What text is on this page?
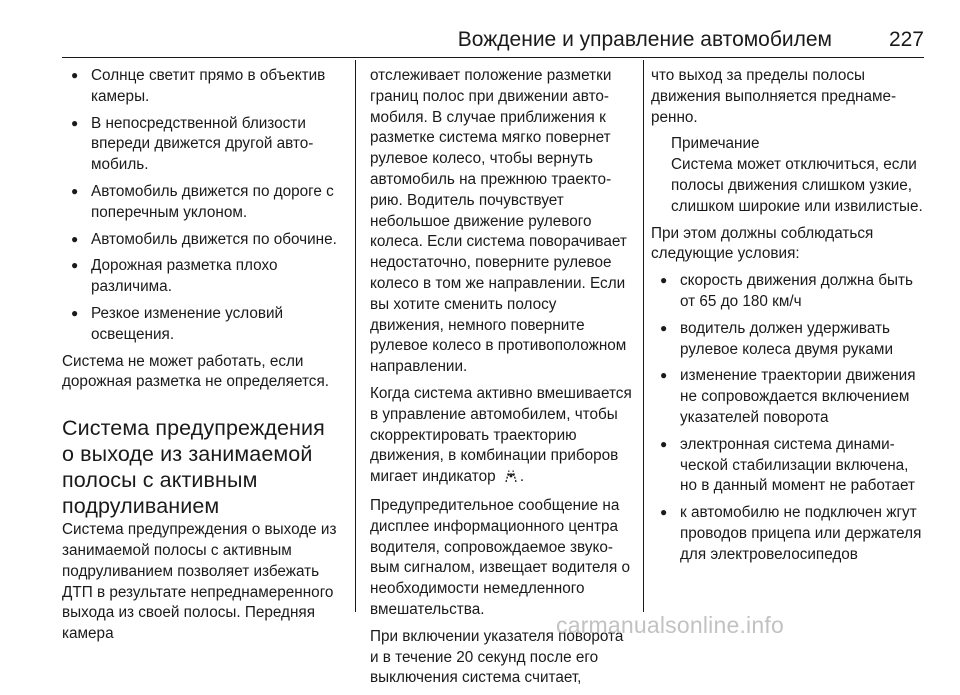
Вождение и управление автомобилем	227
● Солнце светит прямо в объектив камеры.
● В непосредственной близости впереди движется другой автомобиль.
● Автомобиль движется по дороге с поперечным уклоном.
● Автомобиль движется по обочине.
● Дорожная разметка плохо различима.
● Резкое изменение условий освещения.

Система не может работать, если дорожная разметка не определяется.

Система предупреждения о выходе из занимаемой полосы с активным подруливанием

Система предупреждения о выходе из занимаемой полосы с активным подруливанием позволяет избежать ДТП в результате непреднамеренного выхода из своей полосы. Передняя камера

отслеживает положение разметки границ полос при движении автомобиля. В случае приближения к разметке система мягко повернет рулевое колесо, чтобы вернуть автомобиль на прежнюю траекторию. Водитель почувствует небольшое движение рулевого колеса. Если система поворачивает недостаточно, поверните рулевое колесо в том же направлении. Если вы хотите сменить полосу движения, немного поверните рулевое колесо в противоположном направлении.

Когда система активно вмешивается в управление автомобилем, чтобы скорректировать траекторию движения, в комбинации приборов мигает индикатор .

Предупредительное сообщение на дисплее информационного центра водителя, сопровождаемое звуковым сигналом, извещает водителя о необходимости немедленного вмешательства.

При включении указателя поворота и в течение 20 секунд после его выключения система считает,

что выход за пределы полосы движения выполняется преднамеренно.

Примечание
Система может отключиться, если полосы движения слишком узкие, слишком широкие или извилистые.

При этом должны соблюдаться следующие условия:

● скорость движения должна быть от 65 до 180 км/ч
● водитель должен удерживать рулевое колеса двумя руками
● изменение траектории движения не сопровождается включением указателей поворота
● электронная система динамической стабилизации включена, но в данный момент не работает
● к автомобилю не подключен жгут проводов прицепа или держателя для электровелосипедов
carmanualsonline.info
